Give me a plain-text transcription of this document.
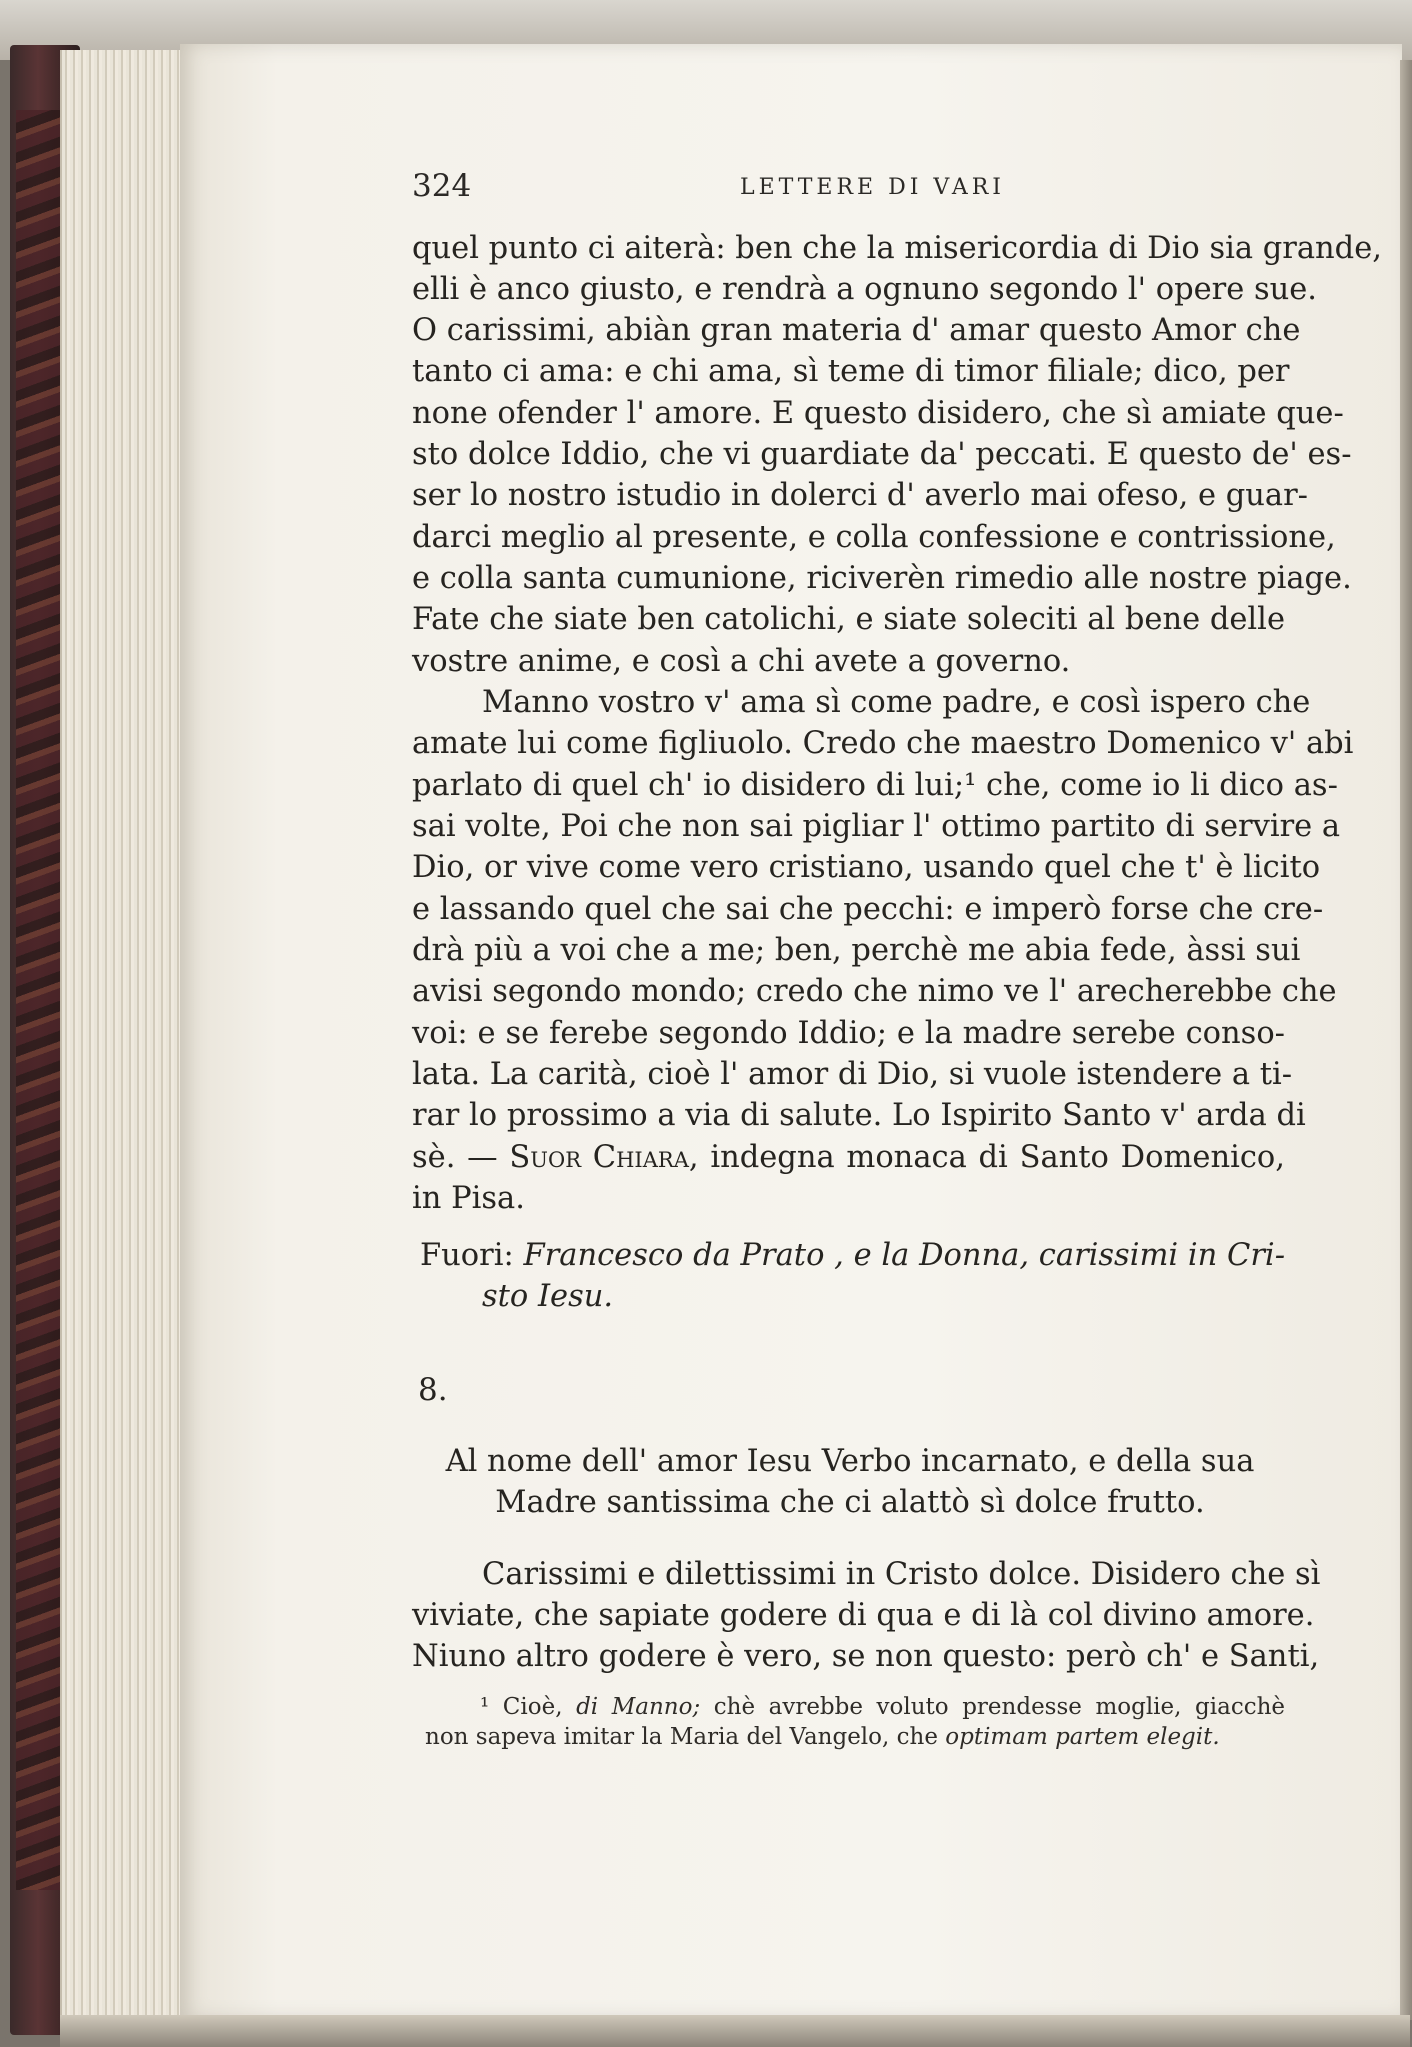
324	LETTERE DI VARI
quel punto ci aiterà: ben che la misericordia di Dio sia grande,
elli è anco giusto, e rendrà a ognuno segondo l' opere sue.
O carissimi, abiàn gran materia d' amar questo Amor che
tanto ci ama: e chi ama, sì teme di timor filiale; dico, per
none ofender l' amore. E questo disidero, che sì amiate que-
sto dolce Iddio, che vi guardiate da' peccati. E questo de' es-
ser lo nostro istudio in dolerci d' averlo mai ofeso, e guar-
darci meglio al presente, e colla confessione e contrissione,
e colla santa cumunione, riciverèn rimedio alle nostre piage.
Fate che siate ben catolichi, e siate soleciti al bene delle
vostre anime, e così a chi avete a governo.
Manno vostro v' ama sì come padre, e così ispero che
amate lui come figliuolo. Credo che maestro Domenico v' abi
parlato di quel ch' io disidero di lui;¹ che, come io li dico as-
sai volte, Poi che non sai pigliar l' ottimo partito di servire a
Dio, or vive come vero cristiano, usando quel che t' è licito
e lassando quel che sai che pecchi: e imperò forse che cre-
drà più a voi che a me; ben, perchè me abia fede, àssi sui
avisi segondo mondo; credo che nimo ve l' arecherebbe che
voi: e se ferebe segondo Iddio; e la madre serebe conso-
lata. La carità, cioè l' amor di Dio, si vuole istendere a ti-
rar lo prossimo a via di salute. Lo Ispirito Santo v' arda di
sè. — Suor Chiara, indegna monaca di Santo Domenico,
in Pisa.
Fuori: Francesco da Prato , e la Donna, carissimi in Cri-
sto Iesu.
8.
Al nome dell' amor Iesu Verbo incarnato, e della sua
Madre santissima che ci alattò sì dolce frutto.
Carissimi e dilettissimi in Cristo dolce. Disidero che sì
viviate, che sapiate godere di qua e di là col divino amore.
Niuno altro godere è vero, se non questo: però ch' e Santi,
¹ Cioè, di Manno; chè avrebbe voluto prendesse moglie, giacchè
non sapeva imitar la Maria del Vangelo, che optimam partem elegit.
